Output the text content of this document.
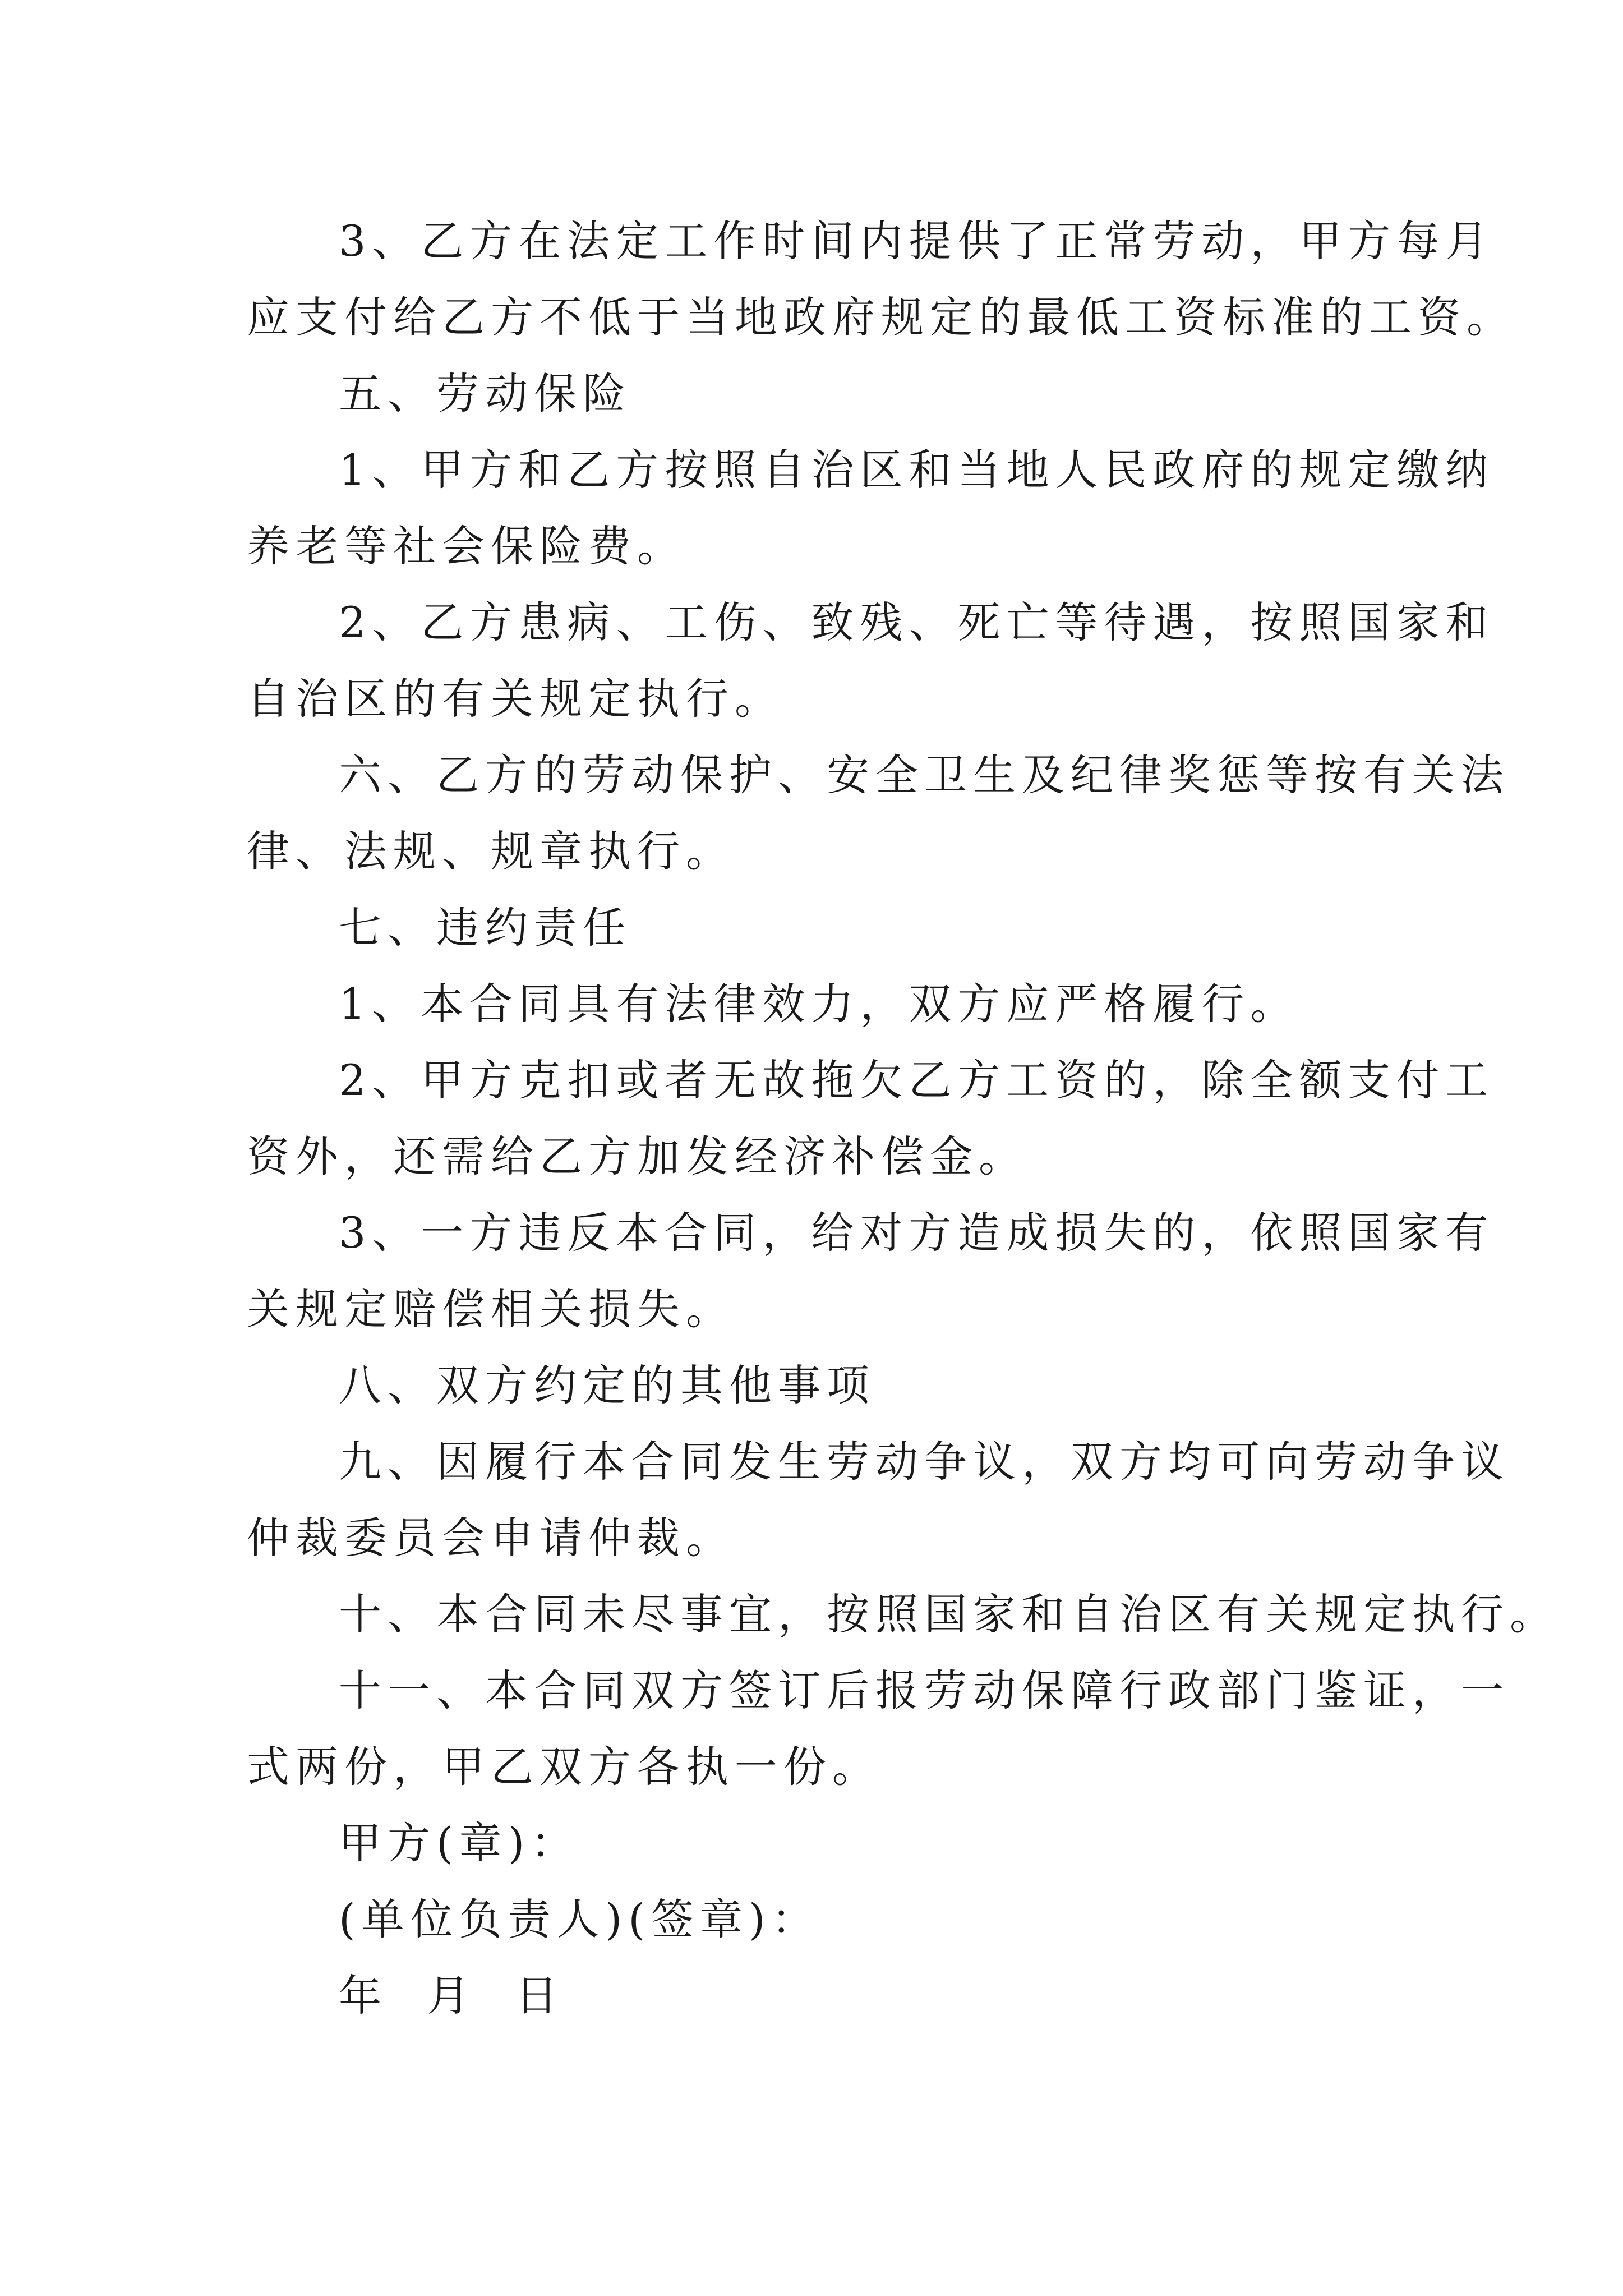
3、乙方在法定工作时间内提供了正常劳动，甲方每月
应支付给乙方不低于当地政府规定的最低工资标准的工资。

五、劳动保险

1、甲方和乙方按照自治区和当地人民政府的规定缴纳
养老等社会保险费。

2、乙方患病、工伤、致残、死亡等待遇，按照国家和
自治区的有关规定执行。

六、乙方的劳动保护、安全卫生及纪律奖惩等按有关法
律、法规、规章执行。

七、违约责任

1、本合同具有法律效力，双方应严格履行。

2、甲方克扣或者无故拖欠乙方工资的，除全额支付工
资外，还需给乙方加发经济补偿金。

3、一方违反本合同，给对方造成损失的，依照国家有
关规定赔偿相关损失。

八、双方约定的其他事项

九、因履行本合同发生劳动争议，双方均可向劳动争议
仲裁委员会申请仲裁。

十、本合同未尽事宜，按照国家和自治区有关规定执行。

十一、本合同双方签订后报劳动保障行政部门鉴证，一
式两份，甲乙双方各执一份。

甲方(章)：

(单位负责人)(签章)：

年  月  日
